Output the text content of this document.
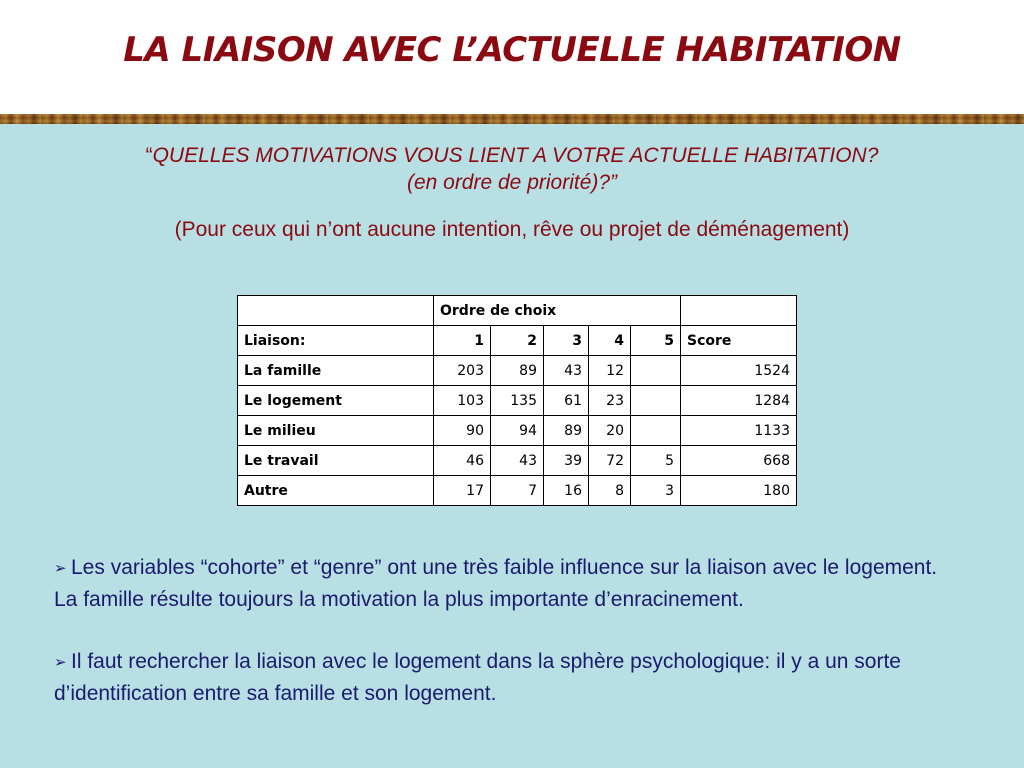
LA LIAISON AVEC L’ACTUELLE HABITATION
“QUELLES MOTIVATIONS VOUS LIENT A VOTRE ACTUELLE HABITATION?
(en ordre de priorité)?”
(Pour ceux qui n’ont aucune intention, rêve ou projet de déménagement)
	Ordre de choix					
Liaison:	1	2	3	4	5	Score
La famille	203	89	43	12		1524
Le logement	103	135	61	23		1284
Le milieu	90	94	89	20		1133
Le travail	46	43	39	72	5	668
Autre	17	7	16	8	3	180

➢ Les variables “cohorte” et “genre” ont une très faible influence sur la liaison avec le logement. La famille résulte toujours la motivation la plus importante d’enracinement.

➢ Il faut rechercher la liaison avec le logement dans la sphère psychologique: il y a un sorte d’identification entre sa famille et son logement.
